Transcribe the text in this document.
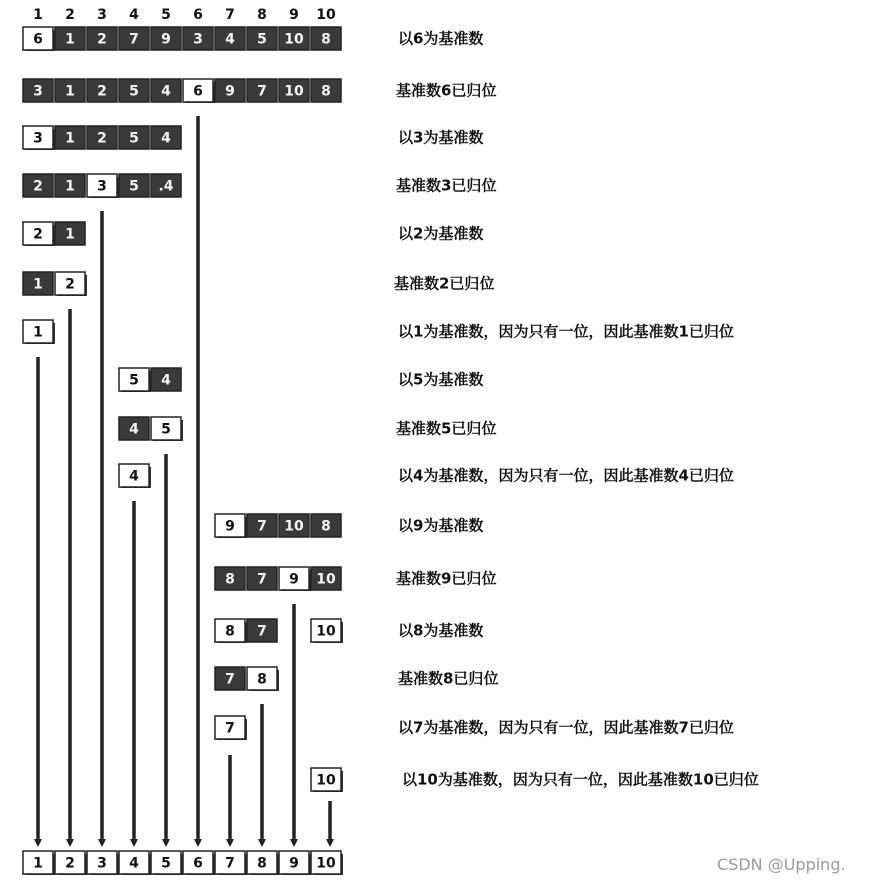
1 2 3 4 5 6 7 8 9 10
6 1 2 7 9 3 4 5 10 8
3 1 2 5 4 6 9 7 10 8
3 1 2 5 4
2 1 3 5 .4
2 1
1 2
1
5 4
4 5
4
9 7 10 8
8 7 9 10
8 7	10
7 8
7
10
以6为基准数
基准数6已归位
以3为基准数
基准数3已归位
以2为基准数
基准数2已归位
以1为基准数，因为只有一位，因此基准数1已归位
以5为基准数
基准数5已归位
以4为基准数，因为只有一位，因此基准数4已归位
以9为基准数
基准数9已归位
以8为基准数
基准数8已归位
以7为基准数，因为只有一位，因此基准数7已归位
以10为基准数，因为只有一位，因此基准数10已归位
1 2 3 4 5 6 7 8 9 10	CSDN @Upping.
